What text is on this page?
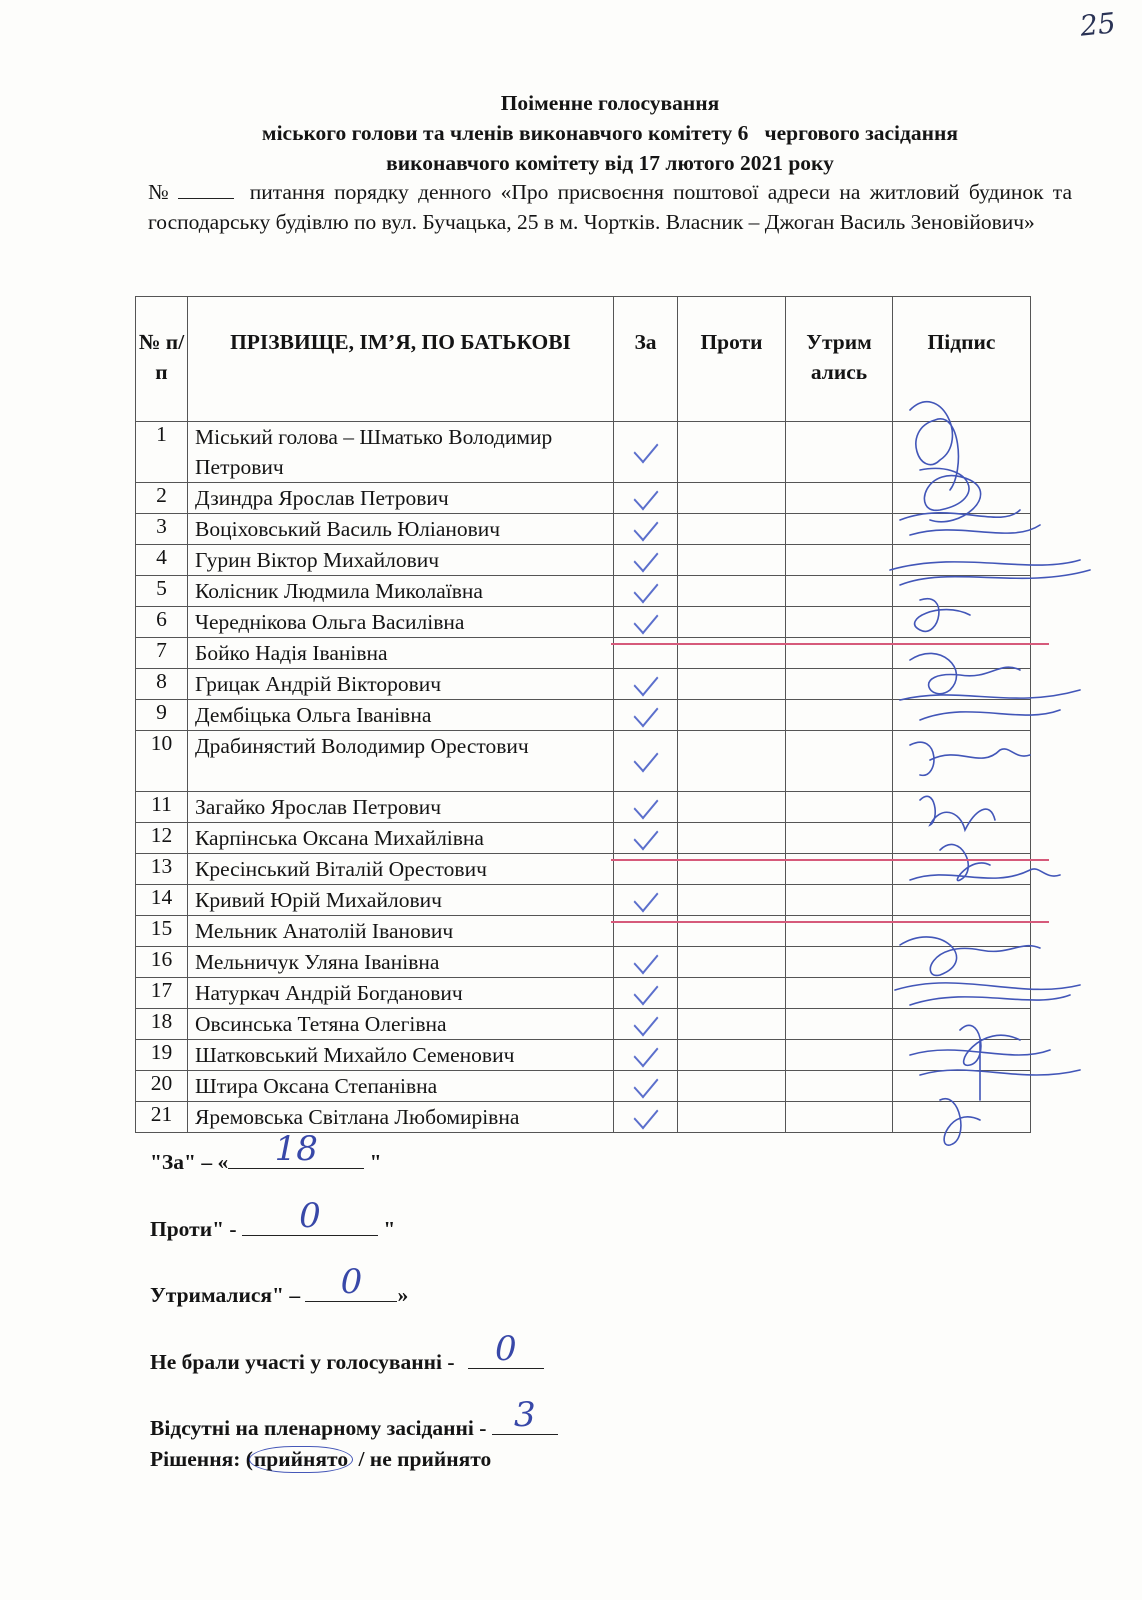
25
Поіменне голосування
міського голови та членів виконавчого комітету 6   чергового засідання
виконавчого комітету від 17 лютого 2021 року
№	питання порядку денного «Про присвоєння поштової адреси на житловий будинок та господарську будівлю по вул. Бучацька, 25 в м. Чортків. Власник – Джоган Василь Зеновійович»
№ п/ п	ПРІЗВИЩЕ, ІМ’Я, ПО БАТЬКОВІ	За	Проти	Утрим ались	Підпис
1	Міський голова – Шматько Володимир Петрович				
2	Дзиндра Ярослав Петрович				
3	Воціховський Василь Юліанович				
4	Гурин Віктор Михайлович				
5	Колісник Людмила Миколаївна				
6	Череднікова Ольга Василівна				
7	Бойко Надія Іванівна				
8	Грицак Андрій Вікторович				
9	Дембіцька Ольга Іванівна				
10	Драбинястий Володимир Орестович				
11	Загайко Ярослав Петрович				
12	Карпінська Оксана Михайлівна				
13	Кресінський Віталій Орестович				
14	Кривий Юрій Михайлович				
15	Мельник Анатолій Іванович				
16	Мельничук Уляна Іванівна				
17	Натуркач Андрій Богданович				
18	Овсинська Тетяна Олегівна				
19	Шатковський Михайло Семенович				
20	Штира Оксана Степанівна				
21	Яремовська Світлана Любомирівна				
"За" – « 18 "
Проти" - 0	"
Утрималися" – 0 »
Не брали участі у голосуванні - 0
Відсутні на пленарному засіданні - 3
Рішення: (прийнято / не прийнято
